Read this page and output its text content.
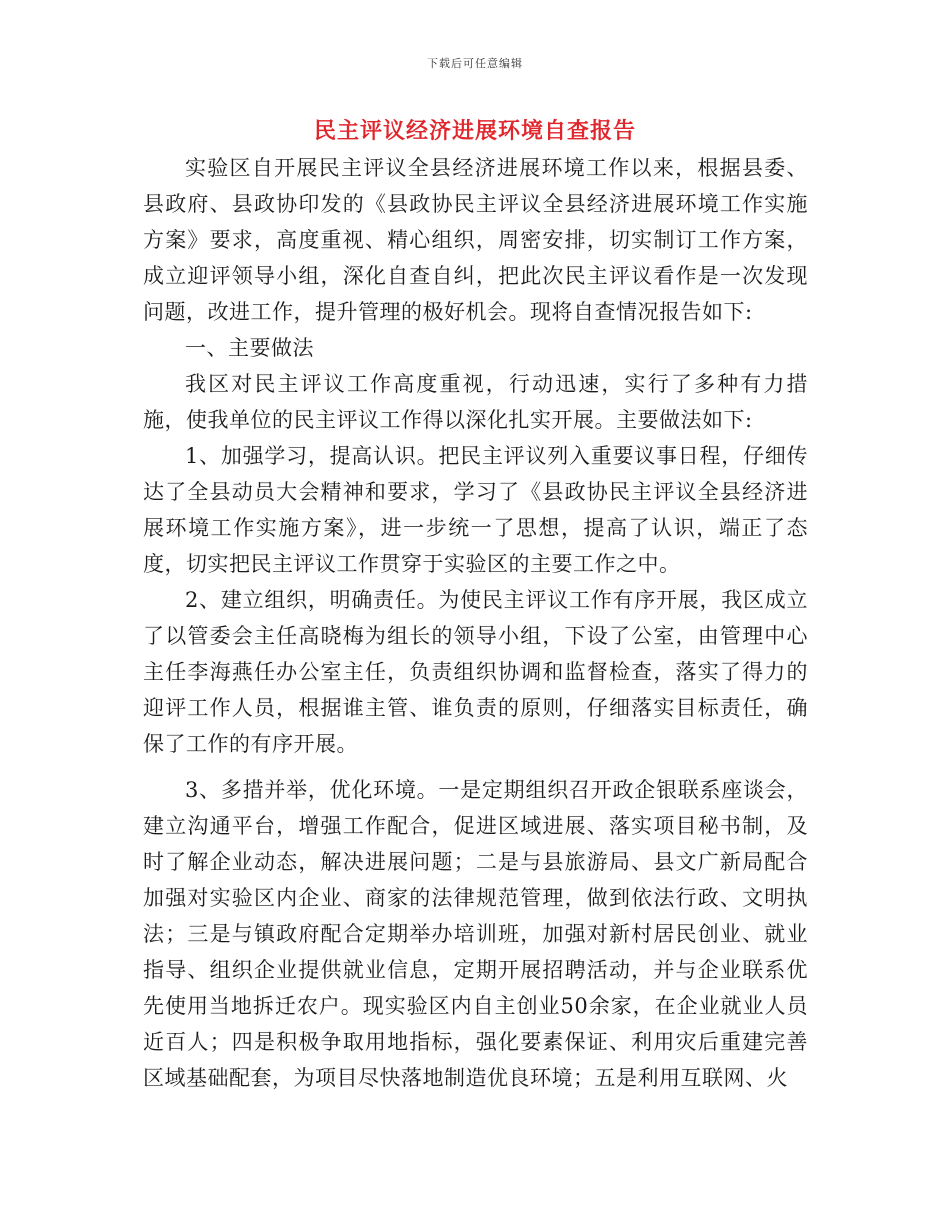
下载后可任意编辑
民主评议经济进展环境自查报告

实验区自开展民主评议全县经济进展环境工作以来，根据县委、县政府、县政协印发的《县政协民主评议全县经济进展环境工作实施方案》要求，高度重视、精心组织，周密安排，切实制订工作方案，成立迎评领导小组，深化自查自纠，把此次民主评议看作是一次发现问题，改进工作，提升管理的极好机会。现将自查情况报告如下:

一、主要做法

我区对民主评议工作高度重视，行动迅速，实行了多种有力措施，使我单位的民主评议工作得以深化扎实开展。主要做法如下:

1、加强学习，提高认识。把民主评议列入重要议事日程，仔细传达了全县动员大会精神和要求，学习了《县政协民主评议全县经济进展环境工作实施方案》，进一步统一了思想，提高了认识，端正了态度，切实把民主评议工作贯穿于实验区的主要工作之中。

2、建立组织，明确责任。为使民主评议工作有序开展，我区成立了以管委会主任高晓梅为组长的领导小组，下设了公室，由管理中心主任李海燕任办公室主任，负责组织协调和监督检查，落实了得力的迎评工作人员，根据谁主管、谁负责的原则，仔细落实目标责任，确保了工作的有序开展。

3、多措并举，优化环境。一是定期组织召开政企银联系座谈会，建立沟通平台，增强工作配合，促进区域进展、落实项目秘书制，及时了解企业动态，解决进展问题；二是与县旅游局、县文广新局配合加强对实验区内企业、商家的法律规范管理，做到依法行政、文明执法；三是与镇政府配合定期举办培训班，加强对新村居民创业、就业指导、组织企业提供就业信息，定期开展招聘活动，并与企业联系优先使用当地拆迁农户。现实验区内自主创业50余家，在企业就业人员近百人；四是积极争取用地指标，强化要素保证、利用灾后重建完善区域基础配套，为项目尽快落地制造优良环境；五是利用互联网、火
